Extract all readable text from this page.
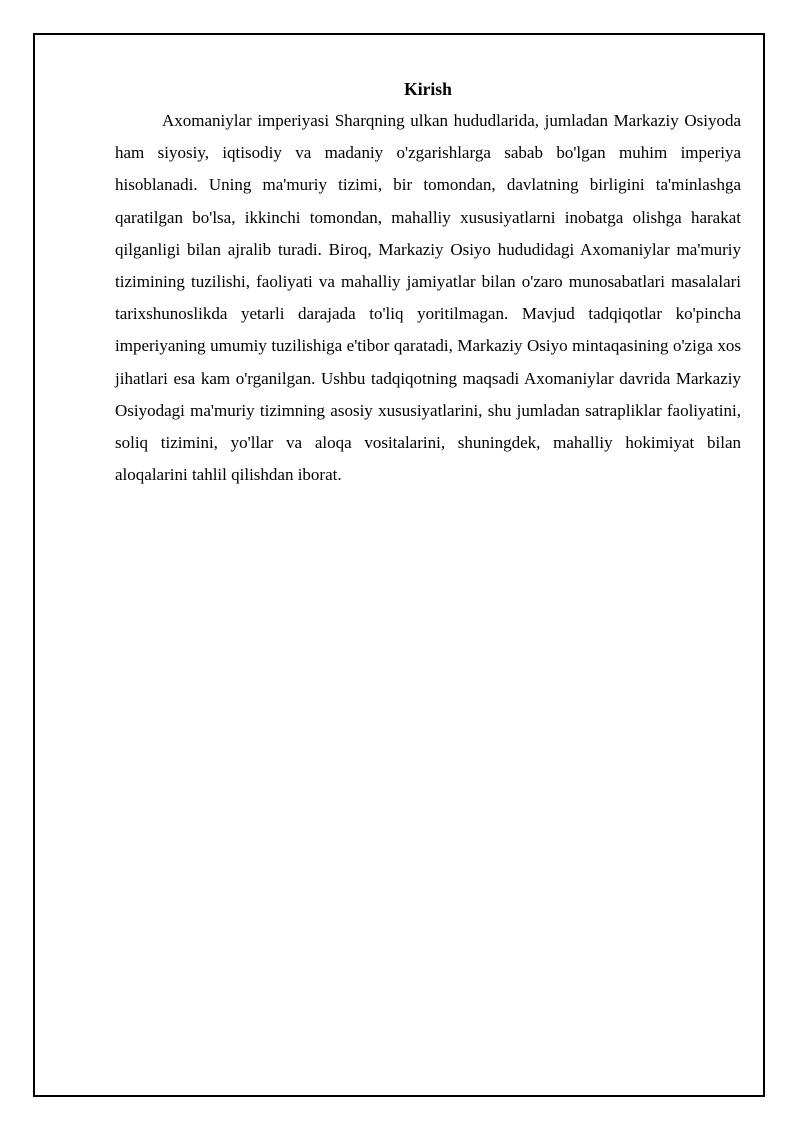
Kirish

Axomaniylar imperiyasi Sharqning ulkan hududlarida, jumladan Markaziy Osiyoda ham siyosiy, iqtisodiy va madaniy o'zgarishlarga sabab bo'lgan muhim imperiya hisoblanadi. Uning ma'muriy tizimi, bir tomondan, davlatning birligini ta'minlashga qaratilgan bo'lsa, ikkinchi tomondan, mahalliy xususiyatlarni inobatga olishga harakat qilganligi bilan ajralib turadi. Biroq, Markaziy Osiyo hududidagi Axomaniylar ma'muriy tizimining tuzilishi, faoliyati va mahalliy jamiyatlar bilan o'zaro munosabatlari masalalari tarixshunoslikda yetarli darajada to'liq yoritilmagan. Mavjud tadqiqotlar ko'pincha imperiyaning umumiy tuzilishiga e'tibor qaratadi, Markaziy Osiyo mintaqasining o'ziga xos jihatlari esa kam o'rganilgan. Ushbu tadqiqotning maqsadi Axomaniylar davrida Markaziy Osiyodagi ma'muriy tizimning asosiy xususiyatlarini, shu jumladan satrapliklar faoliyatini, soliq tizimini, yo'llar va aloqa vositalarini, shuningdek, mahalliy hokimiyat bilan aloqalarini tahlil qilishdan iborat.
